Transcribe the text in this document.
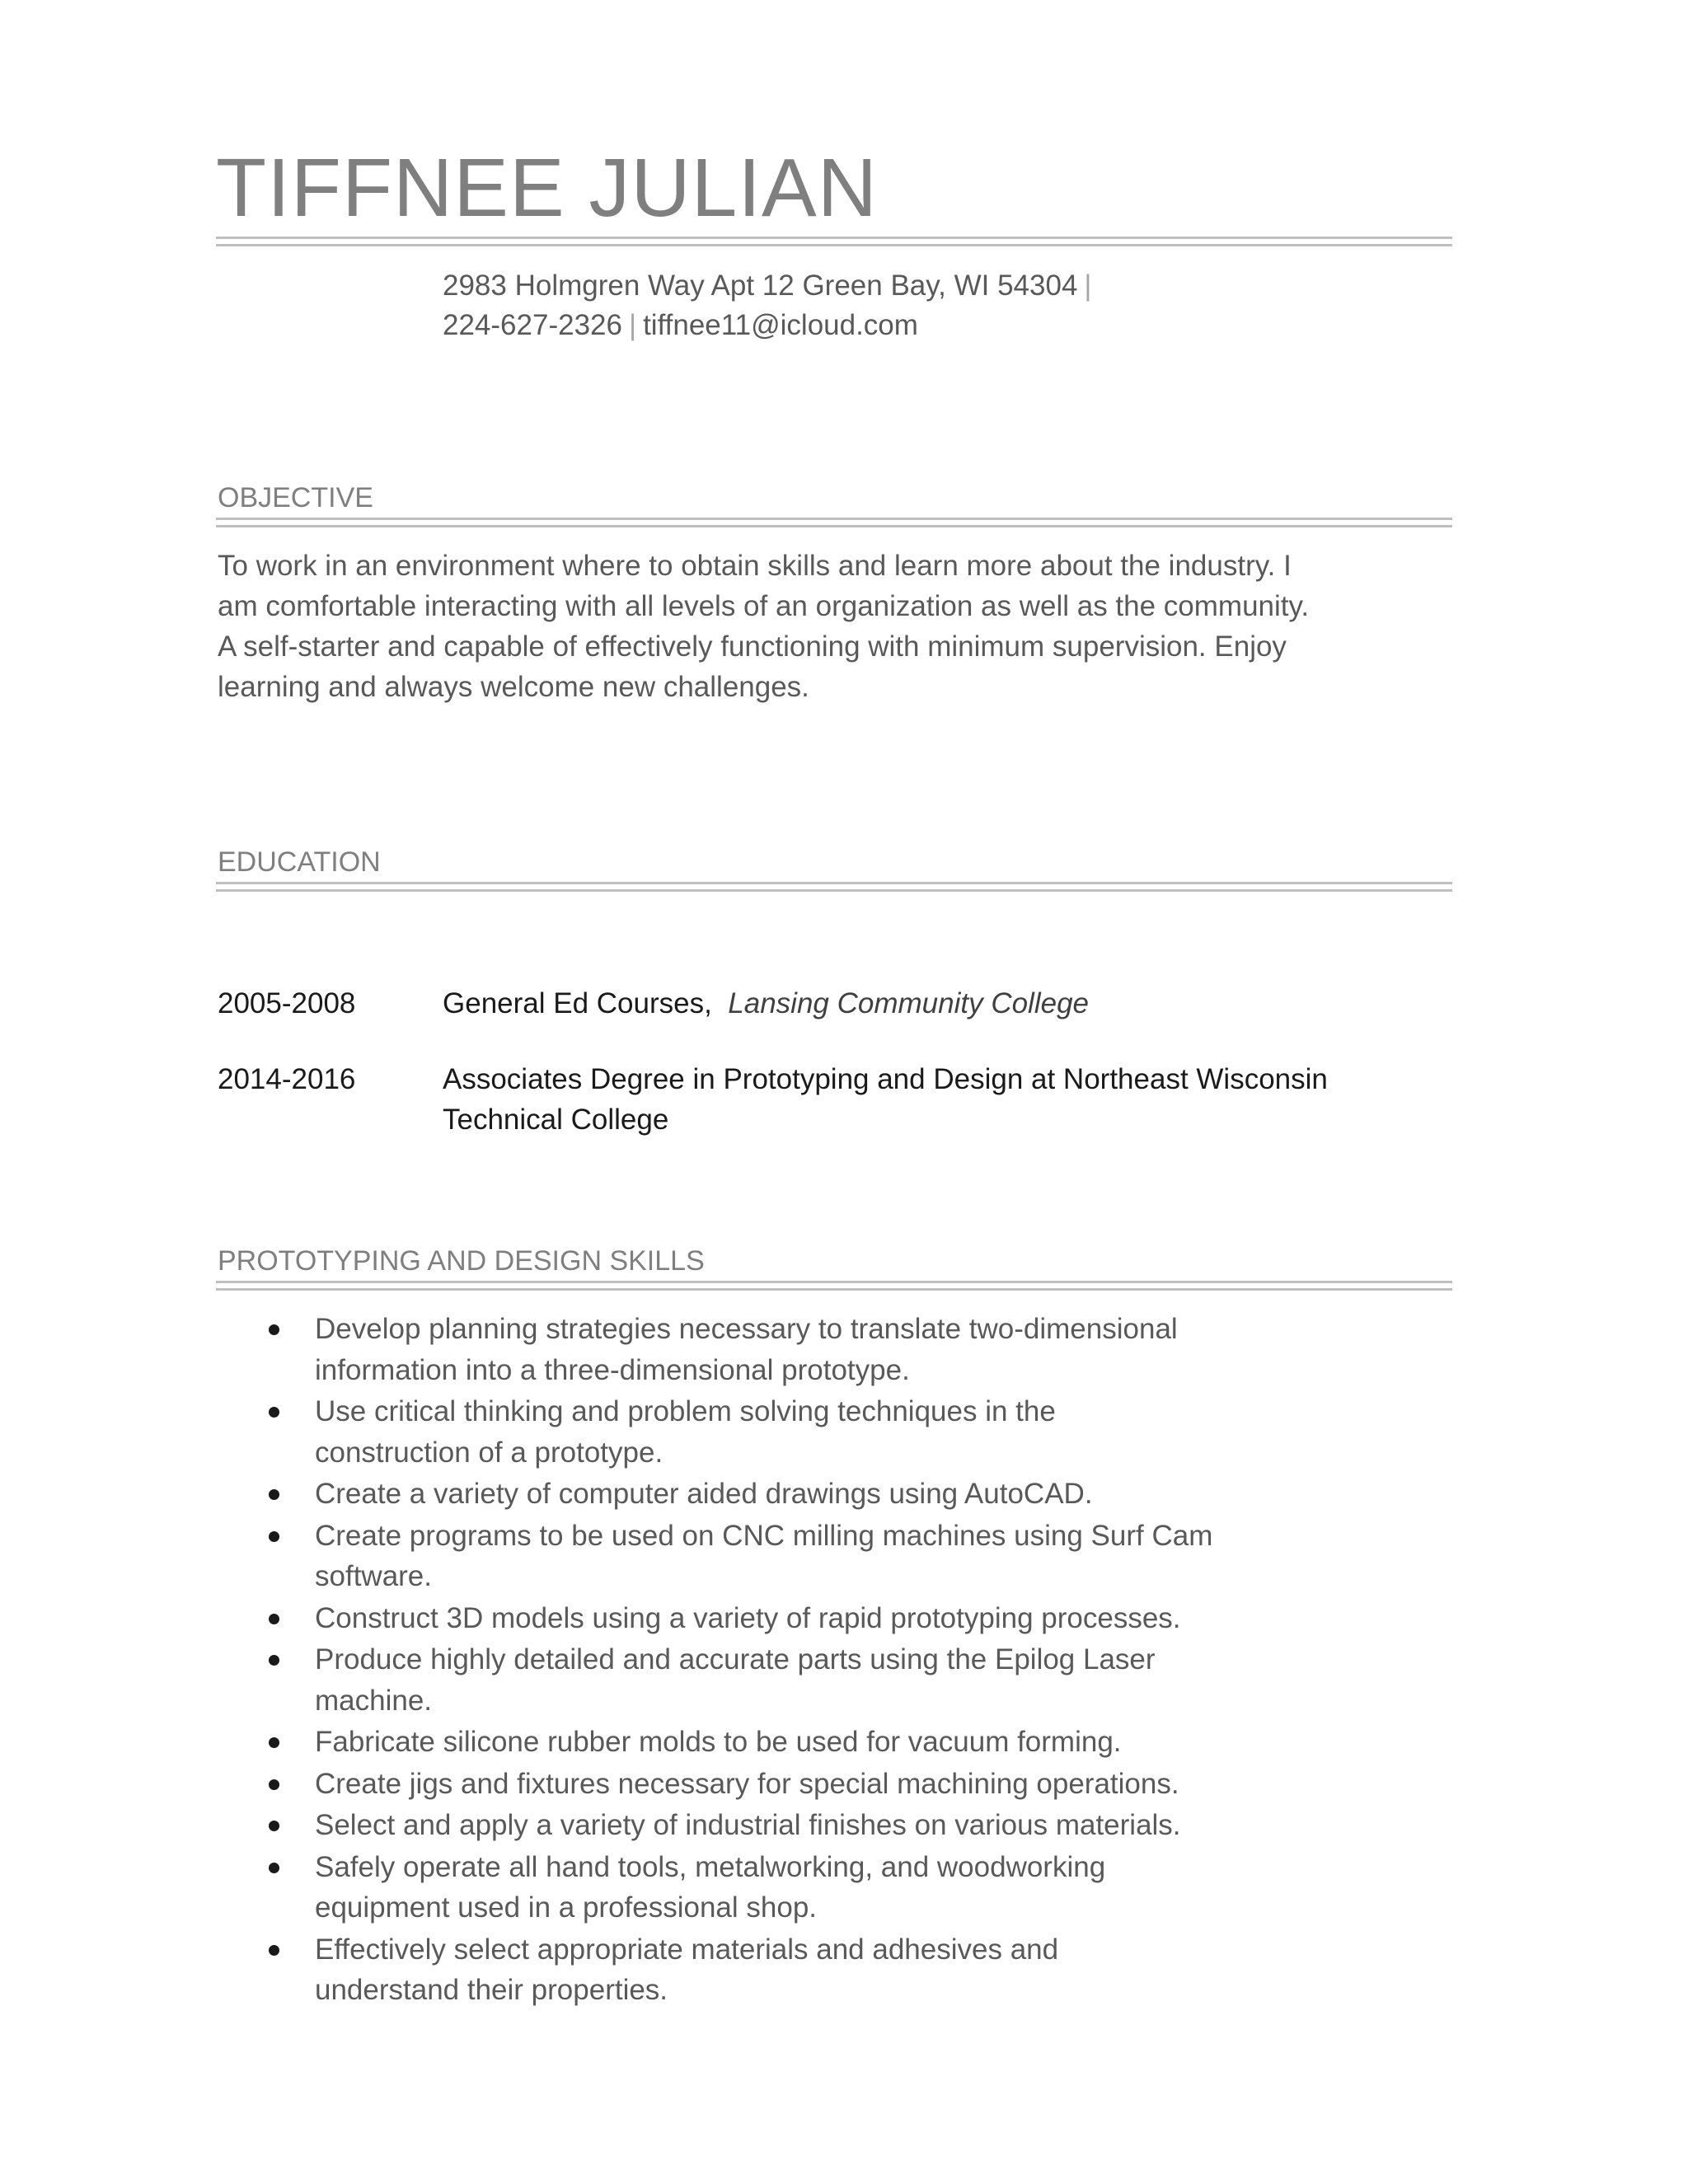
TIFFNEE JULIAN
2983 Holmgren Way Apt 12 Green Bay, WI 54304 |
224-627-2326 | tiffnee11@icloud.com
OBJECTIVE
To work in an environment where to obtain skills and learn more about the industry. I
am comfortable interacting with all levels of an organization as well as the community.
A self-starter and capable of effectively functioning with minimum supervision. Enjoy
learning and always welcome new challenges.
EDUCATION
2005-2008	General Ed Courses, Lansing Community College
2014-2016	Associates Degree in Prototyping and Design at Northeast Wisconsin
Technical College
PROTOTYPING AND DESIGN SKILLS
Develop planning strategies necessary to translate two-dimensional
information into a three-dimensional prototype.
Use critical thinking and problem solving techniques in the
construction of a prototype.
Create a variety of computer aided drawings using AutoCAD.
Create programs to be used on CNC milling machines using Surf Cam
software.
Construct 3D models using a variety of rapid prototyping processes.
Produce highly detailed and accurate parts using the Epilog Laser
machine.
Fabricate silicone rubber molds to be used for vacuum forming.
Create jigs and fixtures necessary for special machining operations.
Select and apply a variety of industrial finishes on various materials.
Safely operate all hand tools, metalworking, and woodworking
equipment used in a professional shop.
Effectively select appropriate materials and adhesives and
understand their properties.
